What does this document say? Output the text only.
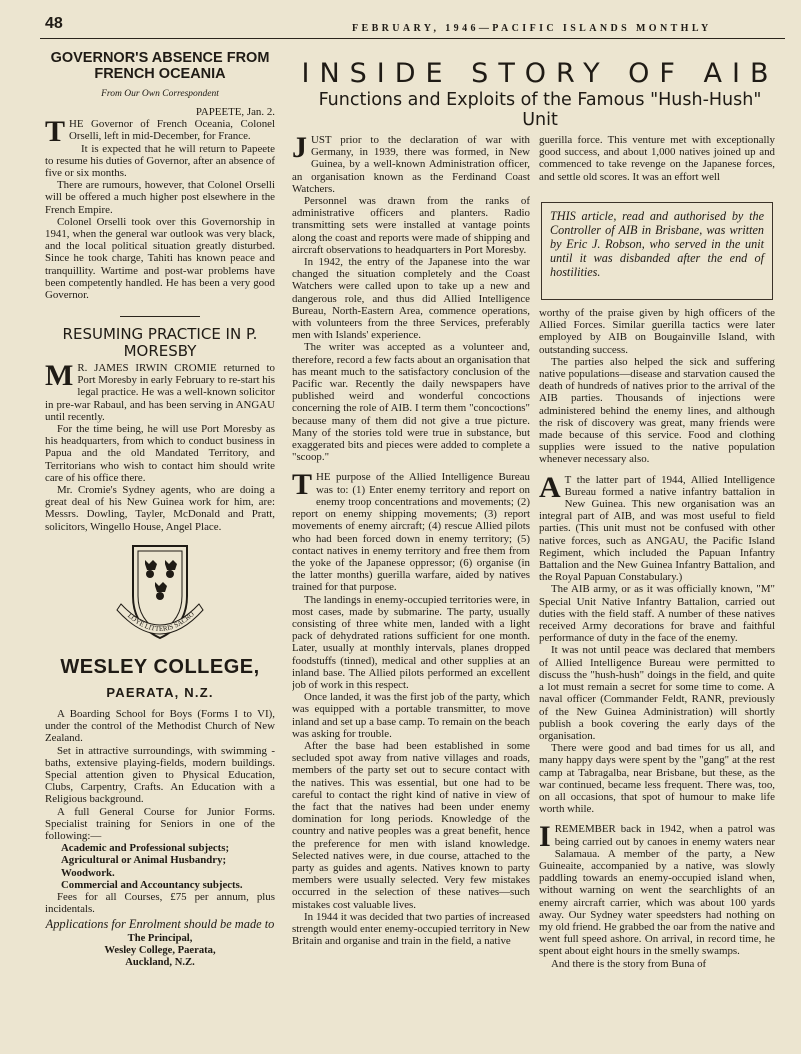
48	FEBRUARY, 1946—PACIFIC ISLANDS MONTHLY
GOVERNOR'S ABSENCE FROM FRENCH OCEANIA
From Our Own Correspondent

PAPEETE, Jan. 2.

THE Governor of French Oceania, Colonel Orselli, left in mid-December, for France.

It is expected that he will return to Papeete to resume his duties of Governor, after an absence of five or six months.

There are rumours, however, that Colonel Orselli will be offered a much higher post elsewhere in the French Empire.

Colonel Orselli took over this Governorship in 1941, when the general war outlook was very black, and the local political situation greatly disturbed. Since he took charge, Tahiti has known peace and tranquillity. Wartime and post-war problems have been competently handled. He has been a very good Governor.

RESUMING PRACTICE IN P. MORESBY

M R. JAMES IRWIN CROMIE returned to Port Moresby in early February to re-start his legal practice. He was a well-known solicitor in pre-war Rabaul, and has been serving in ANGAU until recently.

For the time being, he will use Port Moresby as his headquarters, from which to conduct business in Papua and the old Mandated Territory, and Territorians who wish to contact him should write care of his office there.

Mr. Cromie's Sydney agents, who are doing a great deal of his New Guinea work for him, are: Messrs. Dowling, Tayler, McDonald and Pratt, solicitors, Wingello House, Angel Place.

LOYE LITTERIS SACRO
WESLEY COLLEGE,
PAERATA, N.Z.

A Boarding School for Boys (Forms I to VI), under the control of the Methodist Church of New Zealand.

Set in attractive surroundings, with swimming - baths, extensive playing-fields, modern buildings. Special attention given to Physical Education, Clubs, Carpentry, Crafts. An Education with a Religious background.

A full General Course for Junior Forms. Specialist training for Seniors in one of the following:—

Academic and Professional subjects;
Agricultural or Animal Husbandry;
Woodwork.
Commercial and Accountancy subjects.

Fees for all Courses, £75 per annum, plus incidentals.

Applications for Enrolment should be made to
The Principal,
Wesley College, Paerata,
Auckland, N.Z.
INSIDE STORY OF AIB
Functions and Exploits of the Famous "Hush-Hush" Unit

JUST prior to the declaration of war with Germany, in 1939, there was formed, in New Guinea, by a well-known Administration officer, an organisation known as the Ferdinand Coast Watchers.

Personnel was drawn from the ranks of administrative officers and planters. Radio transmitting sets were installed at vantage points along the coast and reports were made of shipping and aircraft observations to headquarters in Port Moresby.

In 1942, the entry of the Japanese into the war changed the situation completely and the Coast Watchers were called upon to take up a new and dangerous role, and thus did Allied Intelligence Bureau, North-Eastern Area, commence operations, with volunteers from the three Services, preferably men with Islands' experience.

The writer was accepted as a volunteer and, therefore, record a few facts about an organisation that has meant much to the satisfactory conclusion of the Pacific war. Recently the daily newspapers have published weird and wonderful concoctions concerning the role of AIB. I term them "concoctions" because many of them did not give a true picture. Many of the stories told were true in substance, but exaggerated bits and pieces were added to complete a "scoop."

THE purpose of the Allied Intelligence Bureau was to: (1) Enter enemy territory and report on enemy troop concentrations and movements; (2) report on enemy shipping movements; (3) report movements of enemy aircraft; (4) rescue Allied pilots who had been forced down in enemy territory; (5) contact natives in enemy territory and free them from the yoke of the Japanese oppressor; (6) organise (in the latter months) guerilla warfare, aided by natives trained for that purpose.

The landings in enemy-occupied territories were, in most cases, made by submarine. The party, usually consisting of three white men, landed with a light pack of dehydrated rations sufficient for one month. Later, usually at monthly intervals, planes dropped foodstuffs (tinned), medical and other supplies at an inland base. The Allied pilots performed an excellent job of work in this respect.

Once landed, it was the first job of the party, which was equipped with a portable transmitter, to move inland and set up a base camp. To remain on the beach was asking for trouble.

After the base had been established in some secluded spot away from native villages and roads, members of the party set out to secure contact with the natives. This was essential, but one had to be careful to contact the right kind of native in view of the fact that the natives had been under enemy domination for long periods. Knowledge of the country and native peoples was a great benefit, hence the preference for men with island knowledge. Selected natives were, in due course, attached to the party as guides and agents. Natives known to party members were usually selected. Very few mistakes occurred in the selection of these natives—such mistakes cost valuable lives.

In 1944 it was decided that two parties of increased strength would enter enemy-occupied territory in New Britain and organise and train in the field, a native

guerilla force. This venture met with exceptionally good success, and about 1,000 natives joined up and commenced to take revenge on the Japanese forces, and settle old scores. It was an effort well

THIS article, read and authorised by the Controller of AIB in Brisbane, was written by Eric J. Robson, who served in the unit until it was disbanded after the end of hostilities.

worthy of the praise given by high officers of the Allied Forces. Similar guerilla tactics were later employed by AIB on Bougainville Island, with outstanding success.

The parties also helped the sick and suffering native populations—disease and starvation caused the death of hundreds of natives prior to the arrival of the AIB parties. Thousands of injections were administered behind the enemy lines, and although the risk of discovery was great, many friends were made because of this service. Food and clothing supplies were issued to the native population whenever necessary also.

A T the latter part of 1944, Allied Intelligence Bureau formed a native infantry battalion in New Guinea. This new organisation was an integral part of AIB, and was most useful to field parties. (This unit must not be confused with other native forces, such as ANGAU, the Pacific Island Regiment, which included the Papuan Infantry Battalion and the New Guinea Infantry Battalion, and the Royal Papuan Constabulary.)

The AIB army, or as it was officially known, "M" Special Unit Native Infantry Battalion, carried out duties with the field staff. A number of these natives received Army decorations for brave and faithful performance of duty in the face of the enemy.

It was not until peace was declared that members of Allied Intelligence Bureau were permitted to discuss the "hush-hush" doings in the field, and quite a lot must remain a secret for some time to come. A naval officer (Commander Feldt, RANR, previously of the New Guinea Administration) will shortly publish a book covering the early days of the organisation.

There were good and bad times for us all, and many happy days were spent by the "gang" at the rest camp at Tabragalba, near Brisbane, but these, as the war continued, became less frequent. There was, too, on all occasions, that spot of humour to make life worth while.

IREMEMBER back in 1942, when a patrol was being carried out by canoes in enemy waters near Salamaua. A member of the party, a New Guineaite, accompanied by a native, was slowly paddling towards an enemy-occupied island when, without warning on went the searchlights of an enemy aircraft carrier, which was about 100 yards away. Our Sydney water speedsters had nothing on my old friend. He grabbed the oar from the native and went full speed ashore. On arrival, in record time, he spent about eight hours in the smelly swamps.

And there is the story from Buna of
